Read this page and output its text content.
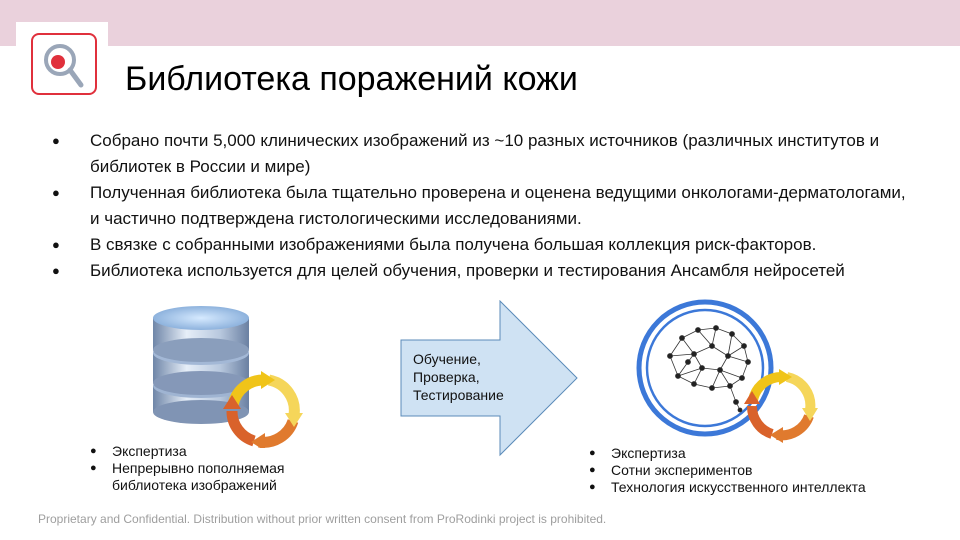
Библиотека поражений кожи
● Собрано почти 5,000 клинических изображений из ~10 разных источников (различных институтов и библиотек в России и мире)
● Полученная библиотека была тщательно проверена и оценена ведущими онкологами-дерматологами, и частично подтверждена гистологическими исследованиями.
● В связке с собранными изображениями была получена большая коллекция риск-факторов.
● Библиотека используется для целей обучения, проверки и тестирования Ансамбля нейросетей
Обучение,
Проверка,
Тестирование
● Экспертиза
● Непрерывно пополняемая библиотека изображений
● Экспертиза
● Сотни экспериментов
● Технология искусственного интеллекта
Proprietary and Confidential. Distribution without prior written consent from ProRodinki project is prohibited.
